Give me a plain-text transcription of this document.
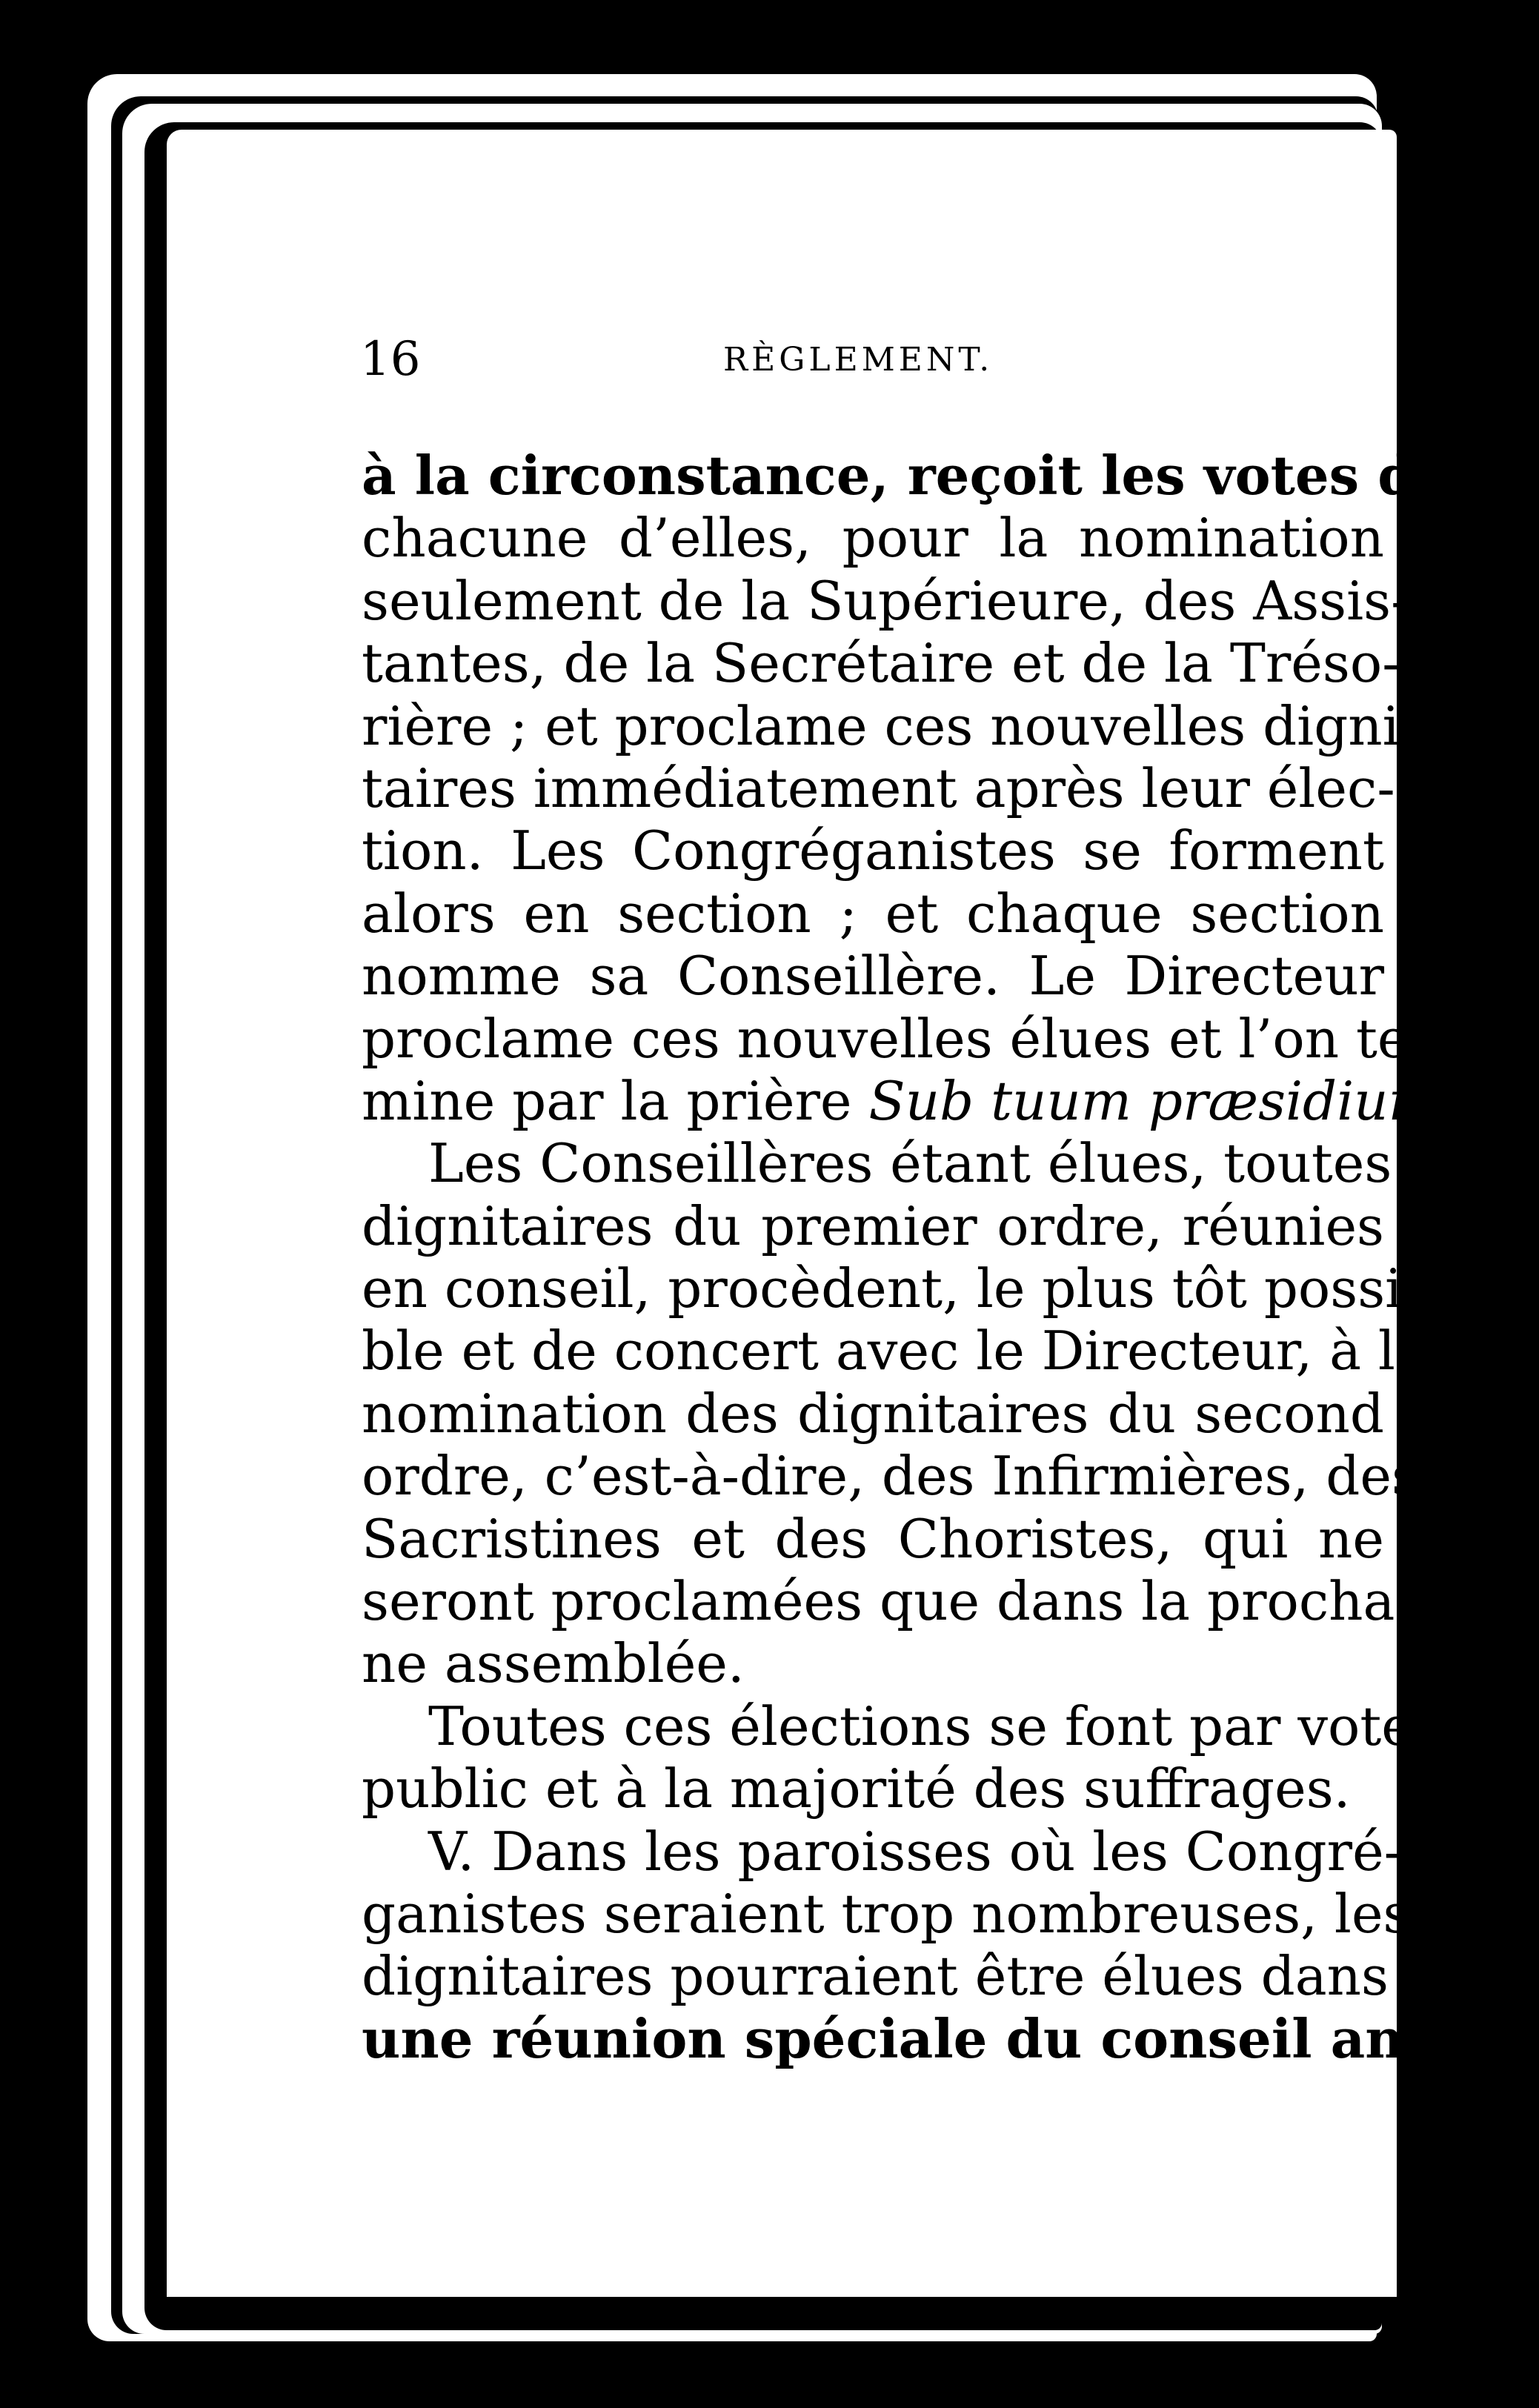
16	RÈGLEMENT.
à la circonstance, reçoit les votes de
chacune d’elles, pour la nomination
seulement de la Supérieure, des Assis-
tantes, de la Secrétaire et de la Tréso-
rière ; et proclame ces nouvelles digni-
taires immédiatement après leur élec-
tion. Les Congréganistes se forment
alors en section ; et chaque section
nomme sa Conseillère. Le Directeur
proclame ces nouvelles élues et l’on ter-
mine par la prière Sub tuum præsidium.
Les Conseillères étant élues, toutes les
dignitaires du premier ordre, réunies
en conseil, procèdent, le plus tôt possi-
ble et de concert avec le Directeur, à la
nomination des dignitaires du second
ordre, c’est-à-dire, des Infirmières, des
Sacristines et des Choristes, qui ne
seront proclamées que dans la prochai-
ne assemblée.
Toutes ces élections se font par vote
public et à la majorité des suffrages.
V. Dans les paroisses où les Congré-
ganistes seraient trop nombreuses, les
dignitaires pourraient être élues dans
une réunion spéciale du conseil annon-
